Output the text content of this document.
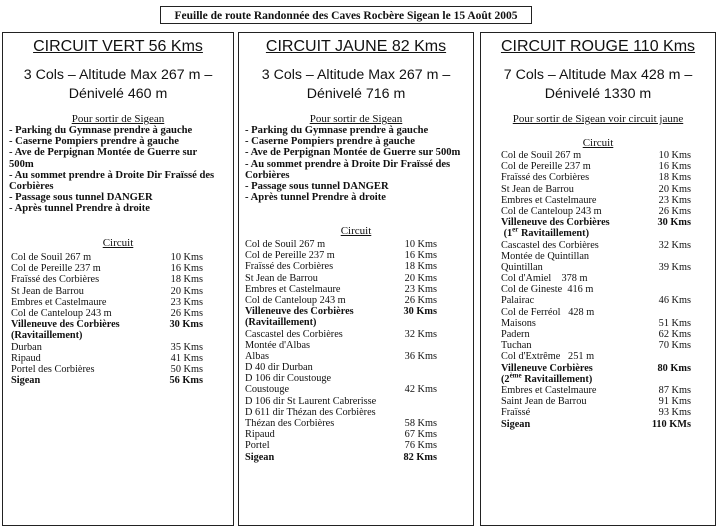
Feuille de route Randonnée des Caves Rocbère Sigean le 15 Août 2005
CIRCUIT VERT 56 Kms
3 Cols – Altitude Max 267 m –
Dénivelé 460 m
Pour sortir de Sigean
- Parking du Gymnase prendre à gauche
- Caserne Pompiers prendre à gauche
- Ave de Perpignan Montée de Guerre sur
500m
- Au sommet prendre à Droite Dir Fraïssé des
Corbières
- Passage sous tunnel DANGER
- Après tunnel Prendre à droite
Circuit
Col de Souil 267 m	10 Kms
Col de Pereille 237 m	16 Kms
Fraïssé des Corbières	18 Kms
St Jean de Barrou	20 Kms
Embres et Castelmaure	23 Kms
Col de Canteloup 243 m	26 Kms
Villeneuve des Corbières	30 Kms
(Ravitaillement)
Durban	35 Kms
Ripaud	41 Kms
Portel des Corbières	50 Kms
Sigean	56 Kms
CIRCUIT JAUNE 82 Kms
3 Cols – Altitude Max 267 m –
Dénivelé 716 m
Pour sortir de Sigean
- Parking du Gymnase prendre à gauche
- Caserne Pompiers prendre à gauche
- Ave de Perpignan Montée de Guerre sur 500m
- Au sommet prendre à Droite Dir Fraïssé des
Corbières
- Passage sous tunnel DANGER
- Après tunnel Prendre à droite
Circuit
Col de Souil 267 m	10 Kms
Col de Pereille 237 m	16 Kms
Fraïssé des Corbières	18 Kms
St Jean de Barrou	20 Kms
Embres et Castelmaure	23 Kms
Col de Canteloup 243 m	26 Kms
Villeneuve des Corbières	30 Kms
(Ravitaillement)
Cascastel des Corbières	32 Kms
Montée d'Albas
Albas	36 Kms
D 40 dir Durban
D 106 dir Coustouge
Coustouge	42 Kms
D 106 dir St Laurent Cabrerisse
D 611 dir Thézan des Corbières
Thézan des Corbières	58 Kms
Ripaud	67 Kms
Portel	76 Kms
Sigean	82 Kms
CIRCUIT ROUGE 110 Kms
7 Cols – Altitude Max 428 m –
Dénivelé 1330 m
Pour sortir de Sigean voir circuit jaune
Circuit
Col de Souil 267 m	10 Kms
Col de Pereille 237 m	16 Kms
Fraïssé des Corbières	18 Kms
St Jean de Barrou	20 Kms
Embres et Castelmaure	23 Kms
Col de Canteloup 243 m	26 Kms
Villeneuve des Corbières	30 Kms
(1er Ravitaillement)
Cascastel des Corbières	32 Kms
Montée de Quintillan
Quintillan	39 Kms
Col d'Amiel    378 m
Col de Gineste  416 m
Palairac	46 Kms
Col de Ferréol   428 m
Maisons	51 Kms
Padern	62 Kms
Tuchan	70 Kms
Col d'Extrême   251 m
Villeneuve Corbières	80 Kms
(2ème Ravitaillement)
Embres et Castelmaure	87 Kms
Saint Jean de Barrou	91 Kms
Fraïssé	93 Kms
Sigean	110 KMs
